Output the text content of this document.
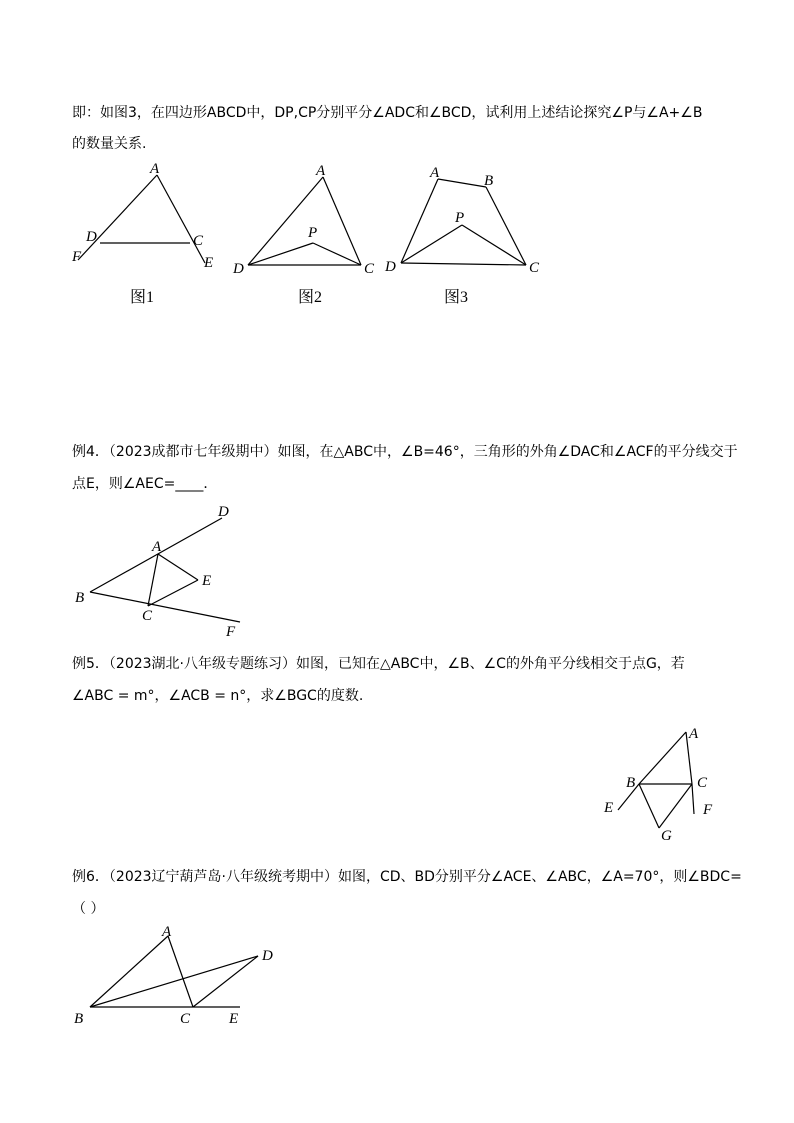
即：如图3，在四边形ABCD中，DP,CP分别平分∠ADC和∠BCD，试利用上述结论探究∠P与∠A+∠B
的数量关系.
A
D	C
F	E
图1
A
P
D	C
图2
A	B
P
D	C
图3
例4．（2023成都市七年级期中）如图，在△ABC中，∠B=46°，三角形的外角∠DAC和∠ACF的平分线交于
点E，则∠AEC=____．
D
A
E
B
C
F
例5．（2023湖北·八年级专题练习）如图，已知在△ABC中，∠B、∠C的外角平分线相交于点G，若
∠ABC = m°，∠ACB = n°，求∠BGC的度数.
A
B	C
E	F
G
例6．（2023辽宁葫芦岛·八年级统考期中）如图，CD、BD分别平分∠ACE、∠ABC，∠A=70°，则∠BDC=
（ ）
A
D
B	C	E
